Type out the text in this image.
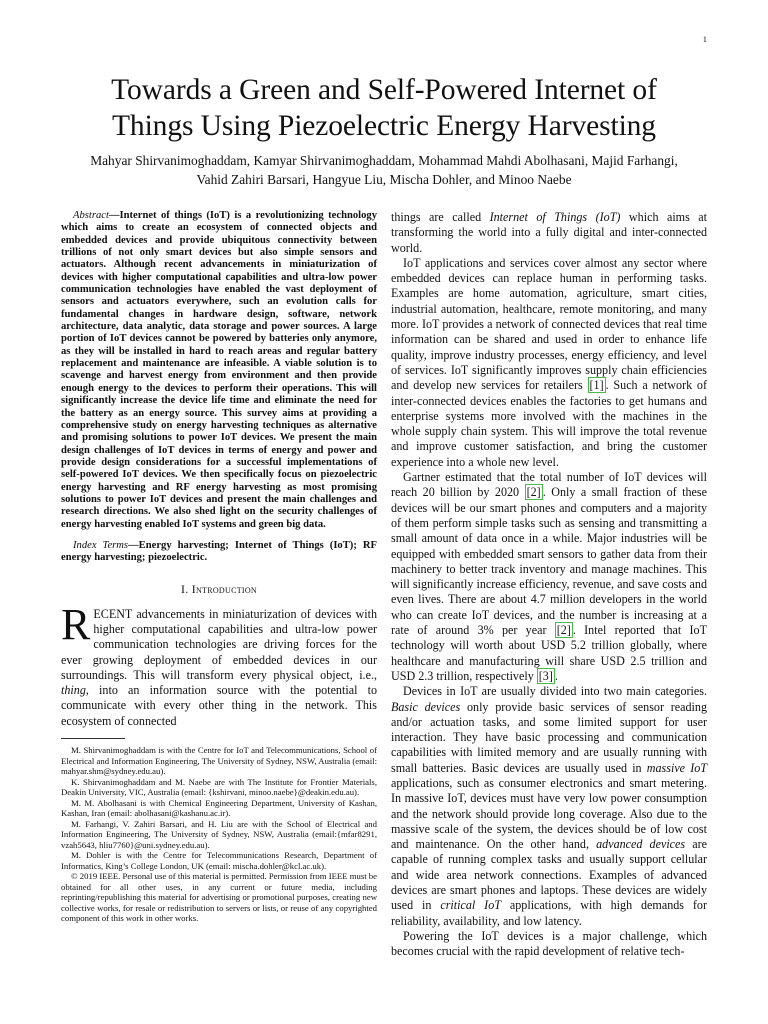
1
Towards a Green and Self-Powered Internet of
Things Using Piezoelectric Energy Harvesting
Mahyar Shirvanimoghaddam, Kamyar Shirvanimoghaddam, Mohammad Mahdi Abolhasani, Majid Farhangi,
Vahid Zahiri Barsari, Hangyue Liu, Mischa Dohler, and Minoo Naebe

Abstract—Internet of things (IoT) is a revolutionizing technology which aims to create an ecosystem of connected objects and embedded devices and provide ubiquitous connectivity between trillions of not only smart devices but also simple sensors and actuators. Although recent advancements in miniaturization of devices with higher computational capabilities and ultra-low power communication technologies have enabled the vast deployment of sensors and actuators everywhere, such an evolution calls for fundamental changes in hardware design, software, network architecture, data analytic, data storage and power sources. A large portion of IoT devices cannot be powered by batteries only anymore, as they will be installed in hard to reach areas and regular battery replacement and maintenance are infeasible. A viable solution is to scavenge and harvest energy from environment and then provide enough energy to the devices to perform their operations. This will significantly increase the device life time and eliminate the need for the battery as an energy source. This survey aims at providing a comprehensive study on energy harvesting techniques as alternative and promising solutions to power IoT devices. We present the main design challenges of IoT devices in terms of energy and power and provide design considerations for a successful implementations of self-powered IoT devices. We then specifically focus on piezoelectric energy harvesting and RF energy harvesting as most promising solutions to power IoT devices and present the main challenges and research directions. We also shed light on the security challenges of energy harvesting enabled IoT systems and green big data.

Index Terms—Energy harvesting; Internet of Things (IoT); RF energy harvesting; piezoelectric.

I. Introduction

RECENT advancements in miniaturization of devices with higher computational capabilities and ultra-low power communication technologies are driving forces for the ever growing deployment of embedded devices in our surroundings. This will transform every physical object, i.e., thing, into an information source with the potential to communicate with every other thing in the network. This ecosystem of connected

M. Shirvanimoghaddam is with the Centre for IoT and Telecommunications, School of Electrical and Information Engineering, The University of Sydney, NSW, Australia (email: mahyar.shm@sydney.edu.au).

K. Shirvanimoghaddam and M. Naebe are with The Institute for Frontier Materials, Deakin University, VIC, Australia (email: {kshirvani, minoo.naebe}@deakin.edu.au).

M. M. Abolhasani is with Chemical Engineering Department, University of Kashan, Kashan, Iran (email: abolhasani@kashanu.ac.ir).

M. Farhangi, V. Zahiri Barsari, and H. Liu are with the School of Electrical and Information Engineering, The University of Sydney, NSW, Australia (email:{mfar8291, vzah5643, hliu7760}@uni.sydney.edu.au).

M. Dohler is with the Centre for Telecommunications Research, Department of Informatics, King’s College London, UK (email: mischa.dohler@kcl.ac.uk).

© 2019 IEEE. Personal use of this material is permitted. Permission from IEEE must be obtained for all other uses, in any current or future media, including reprinting/republishing this material for advertising or promotional purposes, creating new collective works, for resale or redistribution to servers or lists, or reuse of any copyrighted component of this work in other works.

things are called Internet of Things (IoT) which aims at transforming the world into a fully digital and inter-connected world.

IoT applications and services cover almost any sector where embedded devices can replace human in performing tasks. Examples are home automation, agriculture, smart cities, industrial automation, healthcare, remote monitoring, and many more. IoT provides a network of connected devices that real time information can be shared and used in order to enhance life quality, improve industry processes, energy efficiency, and level of services. IoT significantly improves supply chain efficiencies and develop new services for retailers [1] . Such a network of inter-connected devices enables the factories to get humans and enterprise systems more involved with the machines in the whole supply chain system. This will improve the total revenue and improve customer satisfaction, and bring the customer experience into a whole new level.

Gartner estimated that the total number of IoT devices will reach 20 billion by 2020 [2] . Only a small fraction of these devices will be our smart phones and computers and a majority of them perform simple tasks such as sensing and transmitting a small amount of data once in a while. Major industries will be equipped with embedded smart sensors to gather data from their machinery to better track inventory and manage machines. This will significantly increase efficiency, revenue, and save costs and even lives. There are about 4.7 million developers in the world who can create IoT devices, and the number is increasing at a rate of around 3% per year [2] . Intel reported that IoT technology will worth about USD 5.2 trillion globally, where healthcare and manufacturing will share USD 2.5 trillion and USD 2.3 trillion, respectively [3] .

Devices in IoT are usually divided into two main categories. Basic devices only provide basic services of sensor reading and/or actuation tasks, and some limited support for user interaction. They have basic processing and communication capabilities with limited memory and are usually running with small batteries. Basic devices are usually used in massive IoT applications, such as consumer electronics and smart metering. In massive IoT, devices must have very low power consumption and the network should provide long coverage. Also due to the massive scale of the system, the devices should be of low cost and maintenance. On the other hand, advanced devices are capable of running complex tasks and usually support cellular and wide area network connections. Examples of advanced devices are smart phones and laptops. These devices are widely used in critical IoT applications, with high demands for reliability, availability, and low latency.

Powering the IoT devices is a major challenge, which becomes crucial with the rapid development of relative tech-
